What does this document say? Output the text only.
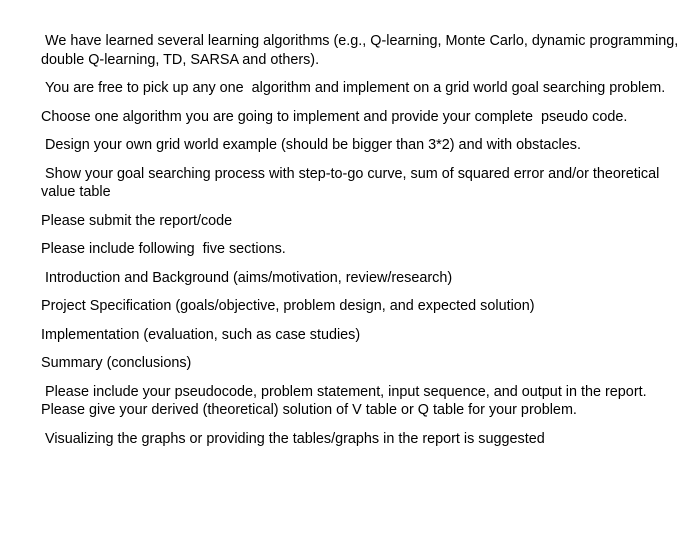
We have learned several learning algorithms (e.g., Q-learning, Monte Carlo, dynamic programming, double Q-learning, TD, SARSA and others).

You are free to pick up any one  algorithm and implement on a grid world goal searching problem.

Choose one algorithm you are going to implement and provide your complete  pseudo code.

Design your own grid world example (should be bigger than 3*2) and with obstacles.

Show your goal searching process with step-to-go curve, sum of squared error and/or theoretical value table

Please submit the report/code

Please include following  five sections.

Introduction and Background (aims/motivation, review/research)

Project Specification (goals/objective, problem design, and expected solution)

Implementation (evaluation, such as case studies)

Summary (conclusions)

Please include your pseudocode, problem statement, input sequence, and output in the report. Please give your derived (theoretical) solution of V table or Q table for your problem.

Visualizing the graphs or providing the tables/graphs in the report is suggested
